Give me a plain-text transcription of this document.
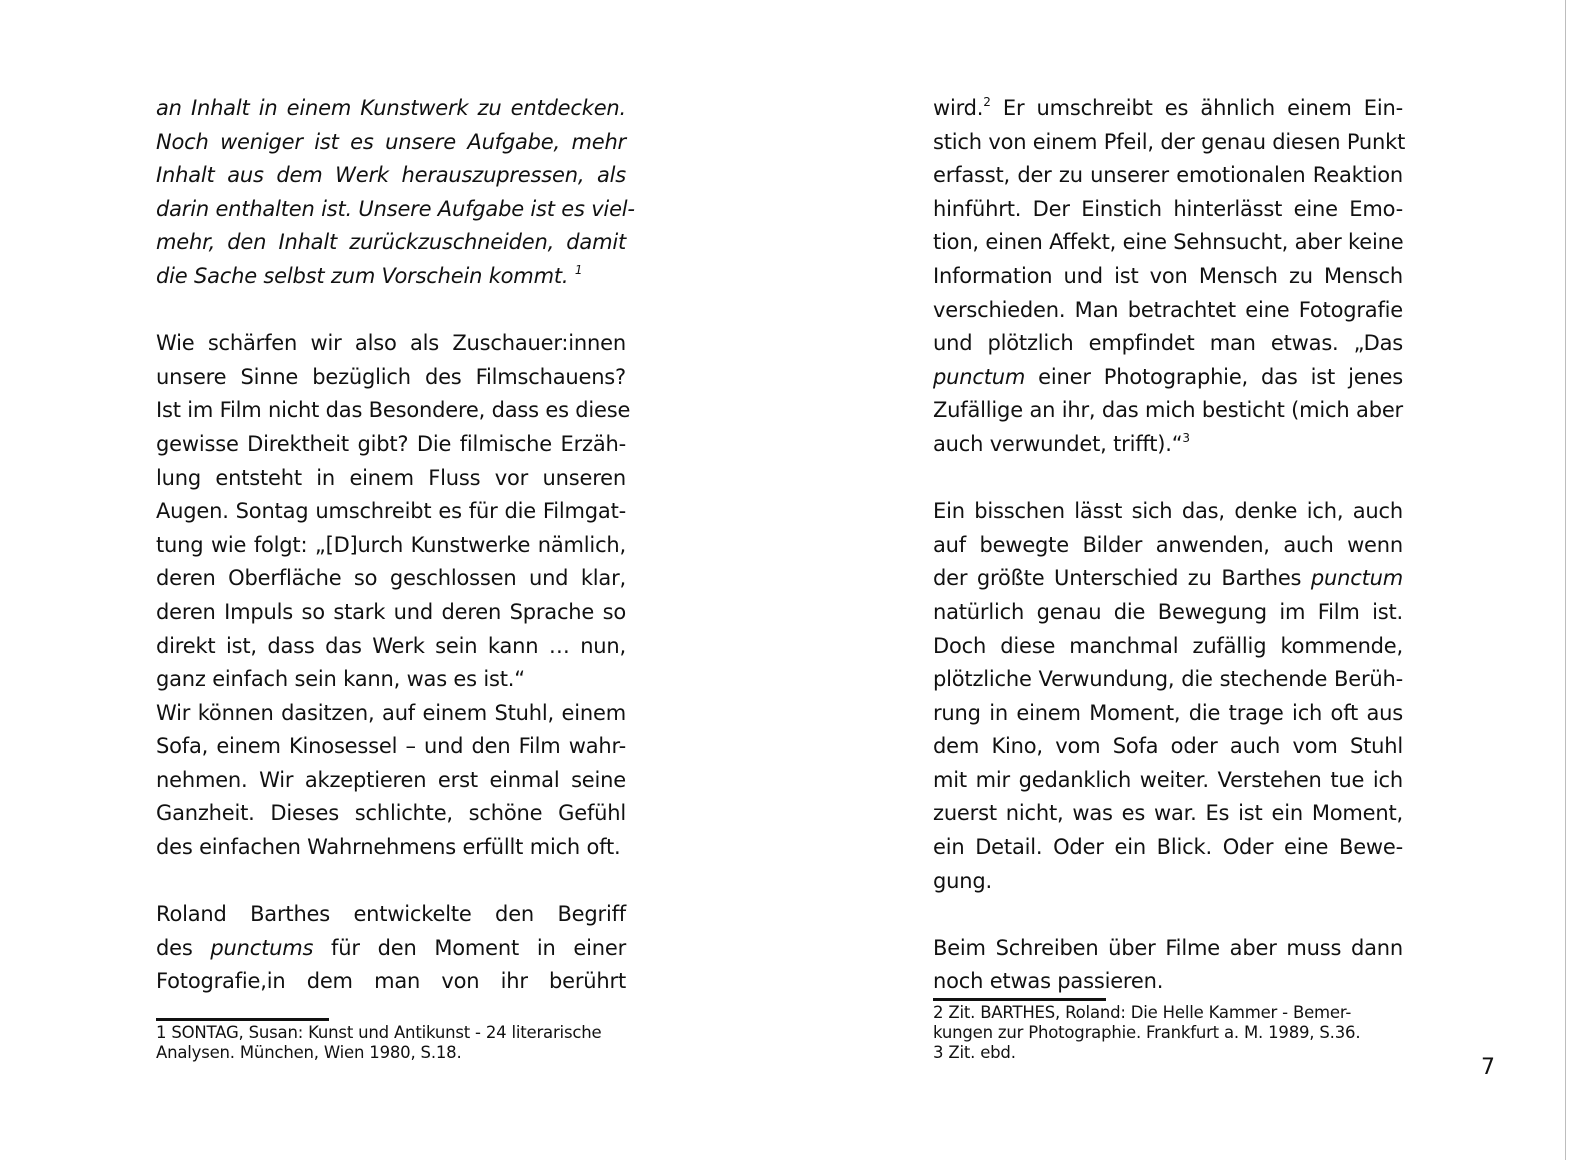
an Inhalt in einem Kunstwerk zu entdecken.
Noch weniger ist es unsere Aufgabe, mehr
Inhalt aus dem Werk herauszupressen, als
darin enthalten ist. Unsere Aufgabe ist es viel-
mehr, den Inhalt zurückzuschneiden, damit
die Sache selbst zum Vorschein kommt. $^1$
Wie schärfen wir also als Zuschauer:innen
unsere Sinne bezüglich des Filmschauens?
Ist im Film nicht das Besondere, dass es diese
gewisse Direktheit gibt? Die filmische Erzäh-
lung entsteht in einem Fluss vor unseren
Augen. Sontag umschreibt es für die Filmgat-
tung wie folgt: „[D]urch Kunstwerke nämlich,
deren Oberfläche so geschlossen und klar,
deren Impuls so stark und deren Sprache so
direkt ist, dass das Werk sein kann … nun,
ganz einfach sein kann, was es ist.“
Wir können dasitzen, auf einem Stuhl, einem
Sofa, einem Kinosessel – und den Film wahr-
nehmen. Wir akzeptieren erst einmal seine
Ganzheit. Dieses schlichte, schöne Gefühl
des einfachen Wahrnehmens erfüllt mich oft.
Roland Barthes entwickelte den Begriff
des punctums für den Moment in einer
Fotografie,in dem man von ihr berührt
1 SONTAG, Susan: Kunst und Antikunst - 24 literarische
Analysen. München, Wien 1980, S.18.
wird.$^2$ Er umschreibt es ähnlich einem Ein-
stich von einem Pfeil, der genau diesen Punkt
erfasst, der zu unserer emotionalen Reaktion
hinführt. Der Einstich hinterlässt eine Emo-
tion, einen Affekt, eine Sehnsucht, aber keine
Information und ist von Mensch zu Mensch
verschieden. Man betrachtet eine Fotografie
und plötzlich empfindet man etwas. „Das
punctum einer Photographie, das ist jenes
Zufällige an ihr, das mich besticht (mich aber
auch verwundet, trifft).“$^3$
Ein bisschen lässt sich das, denke ich, auch
auf bewegte Bilder anwenden, auch wenn
der größte Unterschied zu Barthes punctum
natürlich genau die Bewegung im Film ist.
Doch diese manchmal zufällig kommende,
plötzliche Verwundung, die stechende Berüh-
rung in einem Moment, die trage ich oft aus
dem Kino, vom Sofa oder auch vom Stuhl
mit mir gedanklich weiter. Verstehen tue ich
zuerst nicht, was es war. Es ist ein Moment,
ein Detail. Oder ein Blick. Oder eine Bewe-
gung.
Beim Schreiben über Filme aber muss dann
noch etwas passieren.
2 Zit. BARTHES, Roland: Die Helle Kammer - Bemer-
kungen zur Photographie. Frankfurt a. M. 1989, S.36.
3 Zit. ebd.
7
